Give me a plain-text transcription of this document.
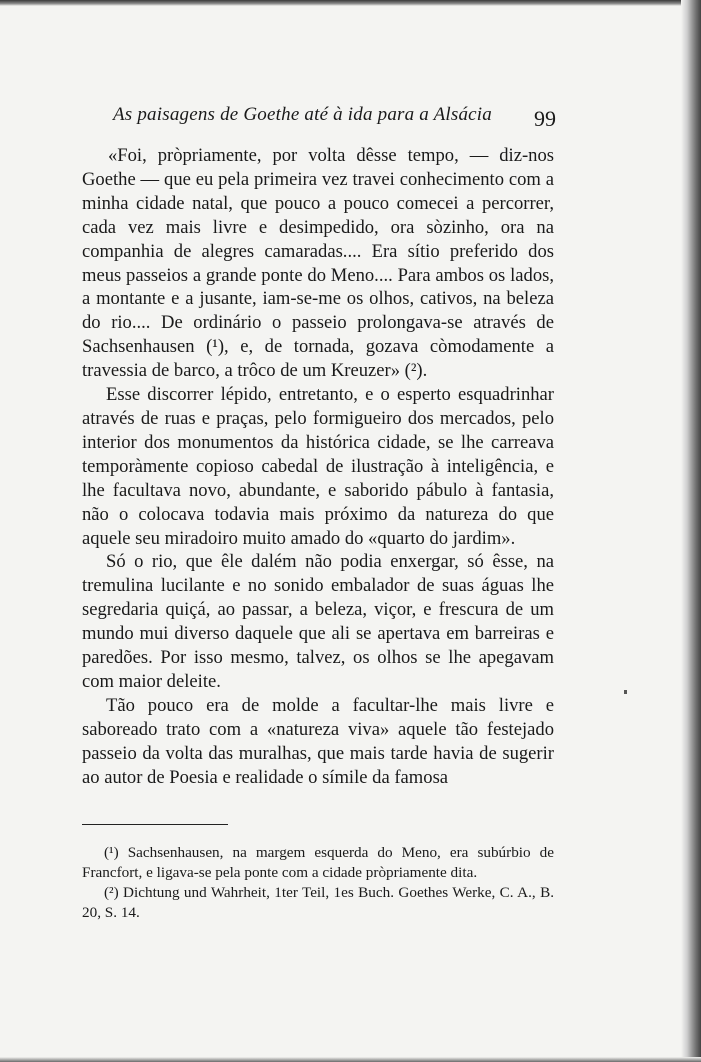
As paisagens de Goethe até à ida para a Alsácia	99

«Foi, pròpriamente, por volta dêsse tempo, — diz-nos Goethe — que eu pela primeira vez travei conhecimento com a minha cidade natal, que pouco a pouco comecei a percorrer, cada vez mais livre e desimpedido, ora sòzinho, ora na companhia de alegres camaradas.... Era sítio preferido dos meus passeios a grande ponte do Meno.... Para ambos os lados, a montante e a jusante, iam-se-me os olhos, cativos, na beleza do rio.... De ordinário o passeio prolongava-se através de Sachsenhausen (¹), e, de tornada, gozava còmodamente a travessia de barco, a trôco de um Kreuzer» (²).

Esse discorrer lépido, entretanto, e o esperto esquadrinhar através de ruas e praças, pelo formigueiro dos mercados, pelo interior dos monumentos da histórica cidade, se lhe carreava temporàmente copioso cabedal de ilustração à inteligência, e lhe facultava novo, abundante, e saborido pábulo à fantasia, não o colocava todavia mais próximo da natureza do que aquele seu miradoiro muito amado do «quarto do jardim».

Só o rio, que êle dalém não podia enxergar, só êsse, na tremulina lucilante e no sonido embalador de suas águas lhe segredaria quiçá, ao passar, a beleza, viçor, e frescura de um mundo mui diverso daquele que ali se apertava em barreiras e paredões. Por isso mesmo, talvez, os olhos se lhe apegavam com maior deleite.

Tão pouco era de molde a facultar-lhe mais livre e saboreado trato com a «natureza viva» aquele tão festejado passeio da volta das muralhas, que mais tarde havia de sugerir ao autor de Poesia e realidade o símile da famosa

(¹) Sachsenhausen, na margem esquerda do Meno, era subúrbio de Francfort, e ligava-se pela ponte com a cidade pròpriamente dita.

(²) Dichtung und Wahrheit, 1ter Teil, 1es Buch. Goethes Werke, C. A., B. 20, S. 14.
